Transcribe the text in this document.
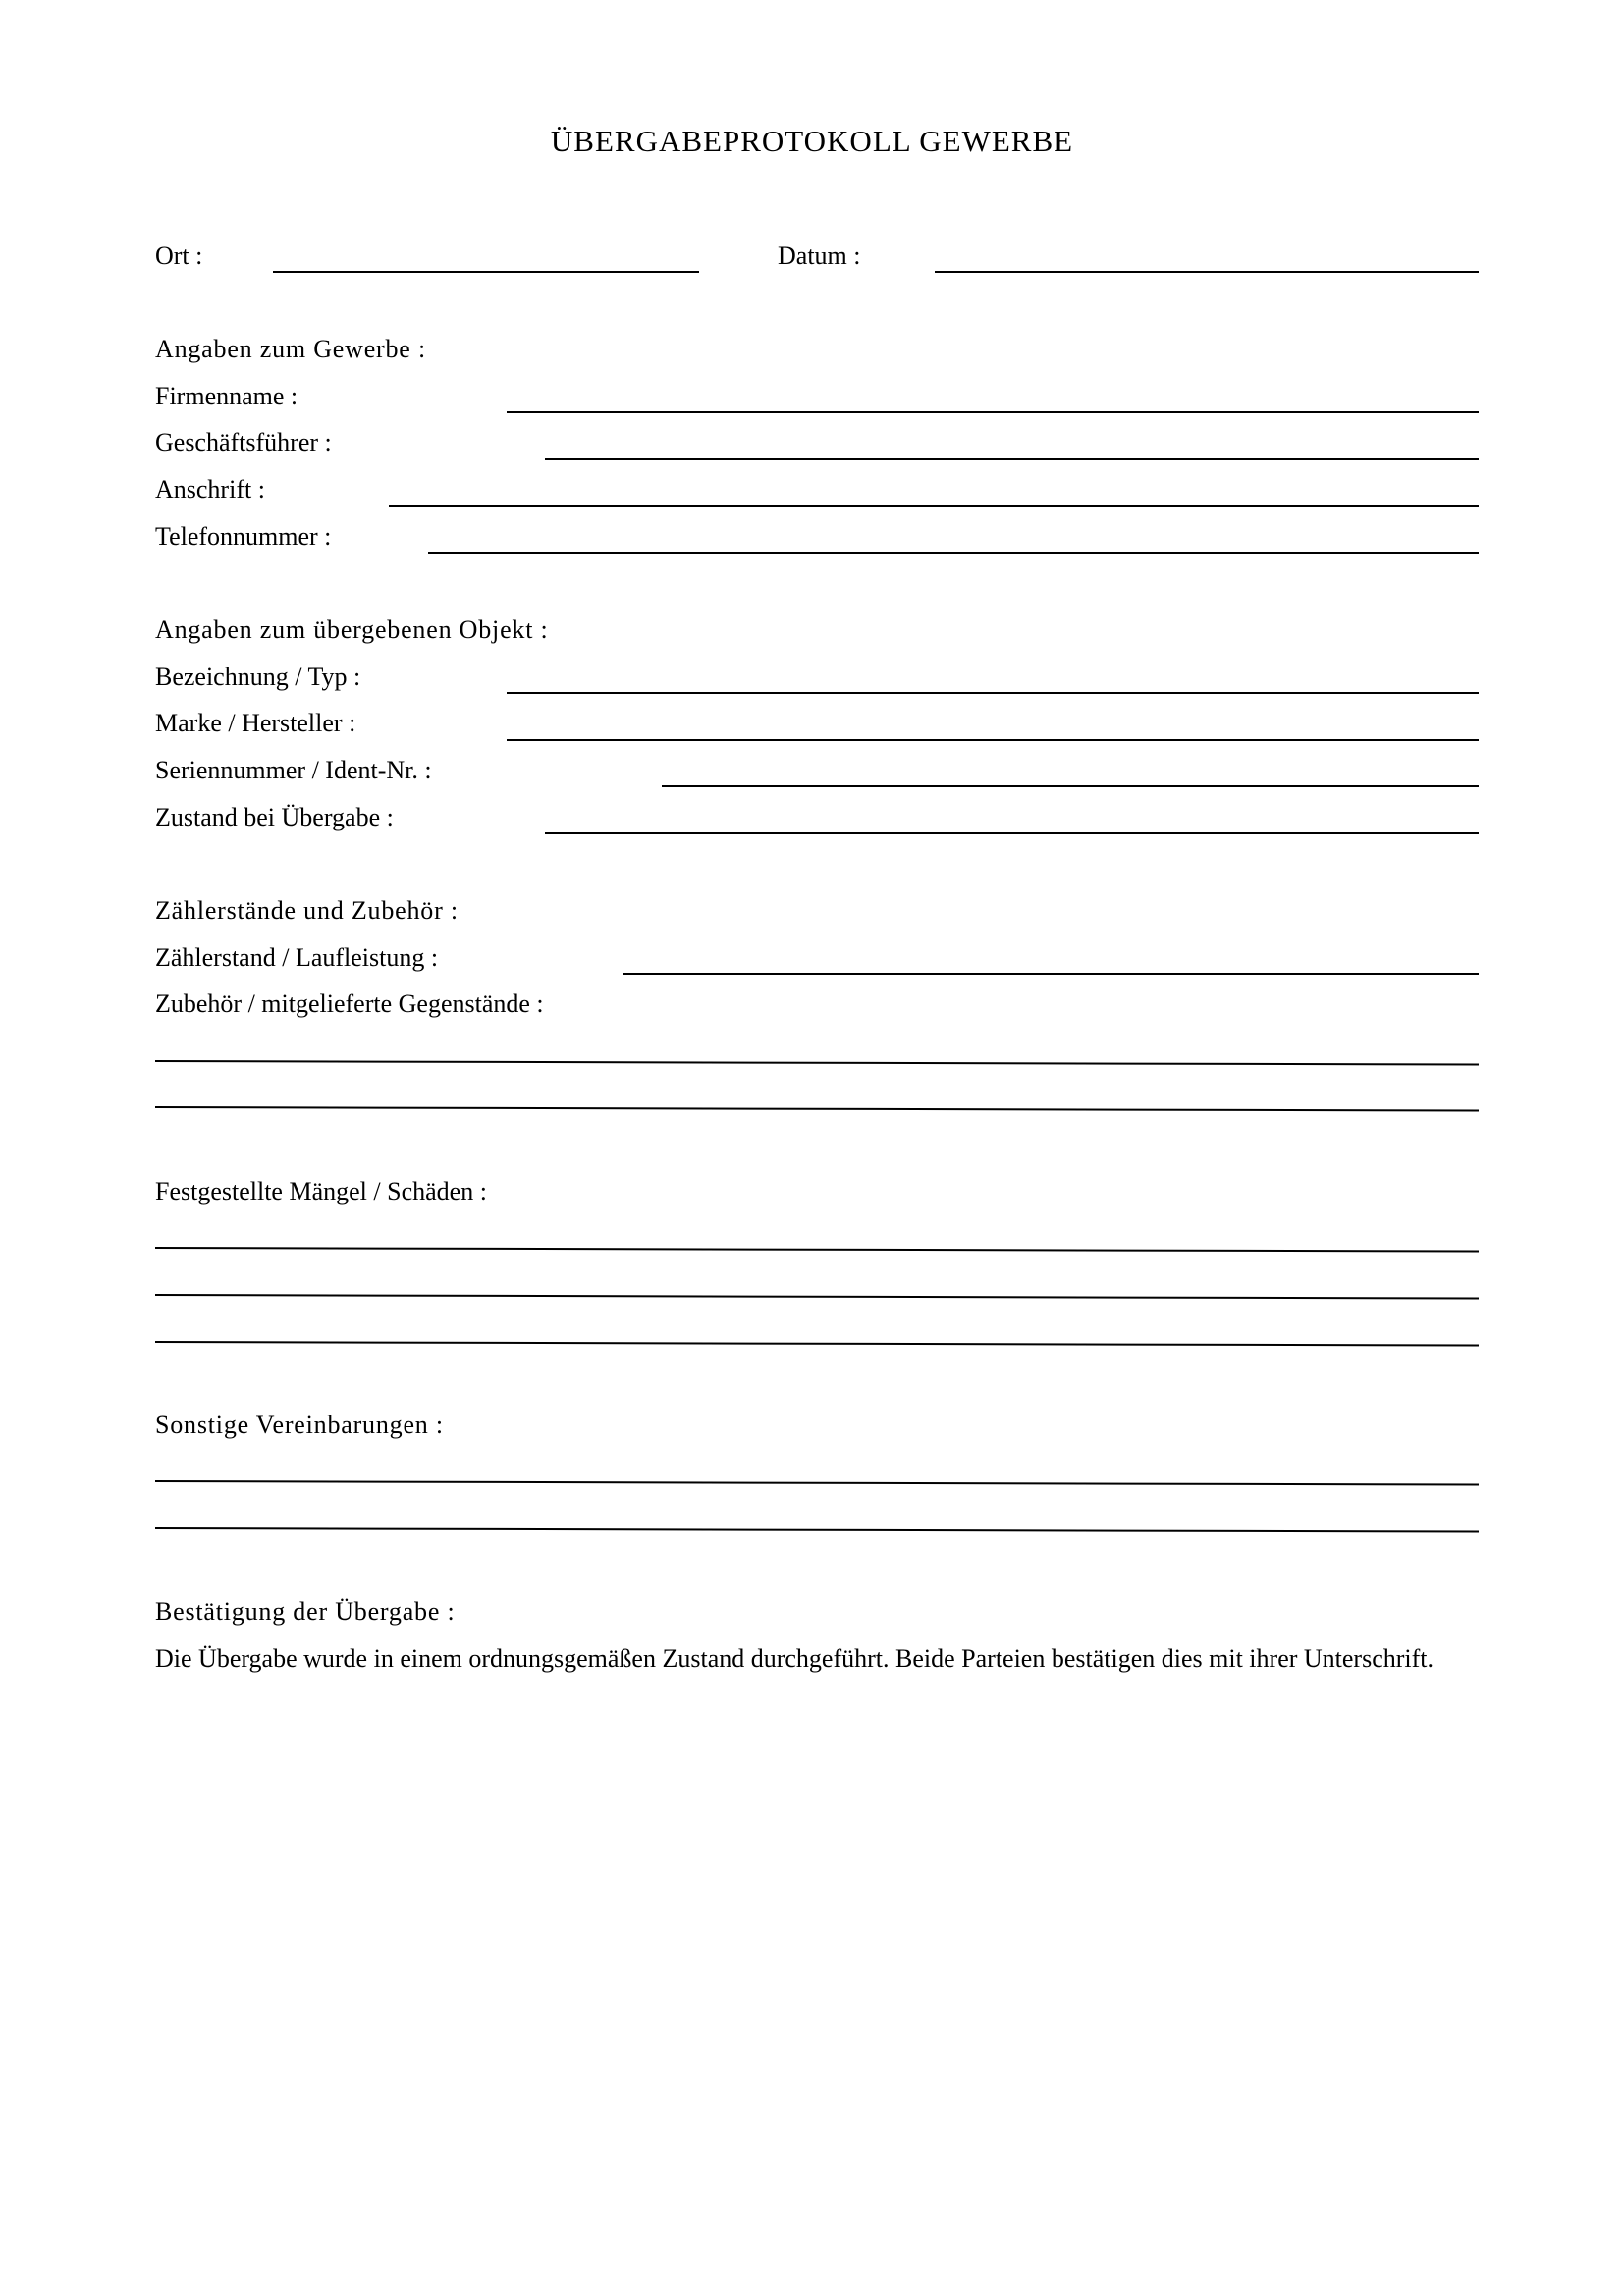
ÜBERGABEPROTOKOLL GEWERBE
Ort :	Datum :
Angaben zum Gewerbe :
Firmenname :
Geschäftsführer :
Anschrift :
Telefonnummer :
Angaben zum übergebenen Objekt :
Bezeichnung / Typ :
Marke / Hersteller :
Seriennummer / Ident-Nr. :
Zustand bei Übergabe :
Zählerstände und Zubehör :
Zählerstand / Laufleistung :
Zubehör / mitgelieferte Gegenstände :
Festgestellte Mängel / Schäden :
Sonstige Vereinbarungen :
Bestätigung der Übergabe :
Die Übergabe wurde in einem ordnungsgemäßen Zustand durchgeführt. Beide Parteien bestätigen dies mit ihrer Unterschrift.
